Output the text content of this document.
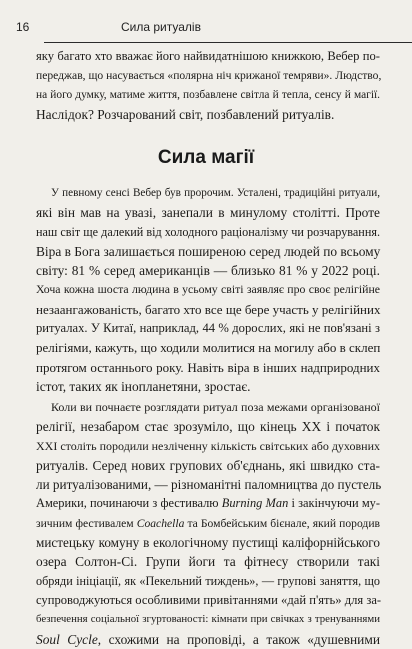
16	Сила ритуалів
яку багато хто вважає його найвидатнішою книжкою, Вебер по-
переджав, що насувається «полярна ніч крижаної темряви». Людство,
на його думку, матиме життя, позбавлене світла й тепла, сенсу й магії.
Наслідок? Розчарований світ, позбавлений ритуалів.
Сила магії
У певному сенсі Вебер був пророчим. Усталені, традиційні ритуали,
які він мав на увазі, занепали в минулому столітті. Проте
наш світ ще далекий від холодного раціоналізму чи розчарування.
Віра в Бога залишається поширеною серед людей по всьому
світу: 81 % серед американців — близько 81 % у 2022 році.
Хоча кожна шоста людина в усьому світі заявляє про своє релігійне
незаангажованість, багато хто все ще бере участь у релігійних
ритуалах. У Китаї, наприклад, 44 % дорослих, які не пов'язані з
релігіями, кажуть, що ходили молитися на могилу або в склеп
протягом останнього року. Навіть віра в інших надприродних
істот, таких як інопланетяни, зростає.
Коли ви почнаєте розглядати ритуал поза межами організованої
релігії, незабаром стає зрозуміло, що кінець ХХ і початок
ХХІ століть породили незліченну кількість світських або духовних
ритуалів. Серед нових групових об'єднань, які швидко ста-
ли ритуалізованими, — різноманітні паломництва до пустель
Америки, починаючи з фестивалю Burning Man і закінчуючи му-
зичним фестивалем Coachella та Бомбейським бієнале, який породив
мистецьку комуну в екологічному пустищі каліфорнійського
озера Солтон-Сі. Групи йоги та фітнесу створили такі
обряди ініціації, як «Пекельний тиждень», — групові заняття, що
супроводжуються особливими привітаннями «дай п'ять» для за-
безпечення соціальної згуртованості: кімнати при свічках з тренуваннями
Soul Cycle, схожими на проповіді, а також «душевними
